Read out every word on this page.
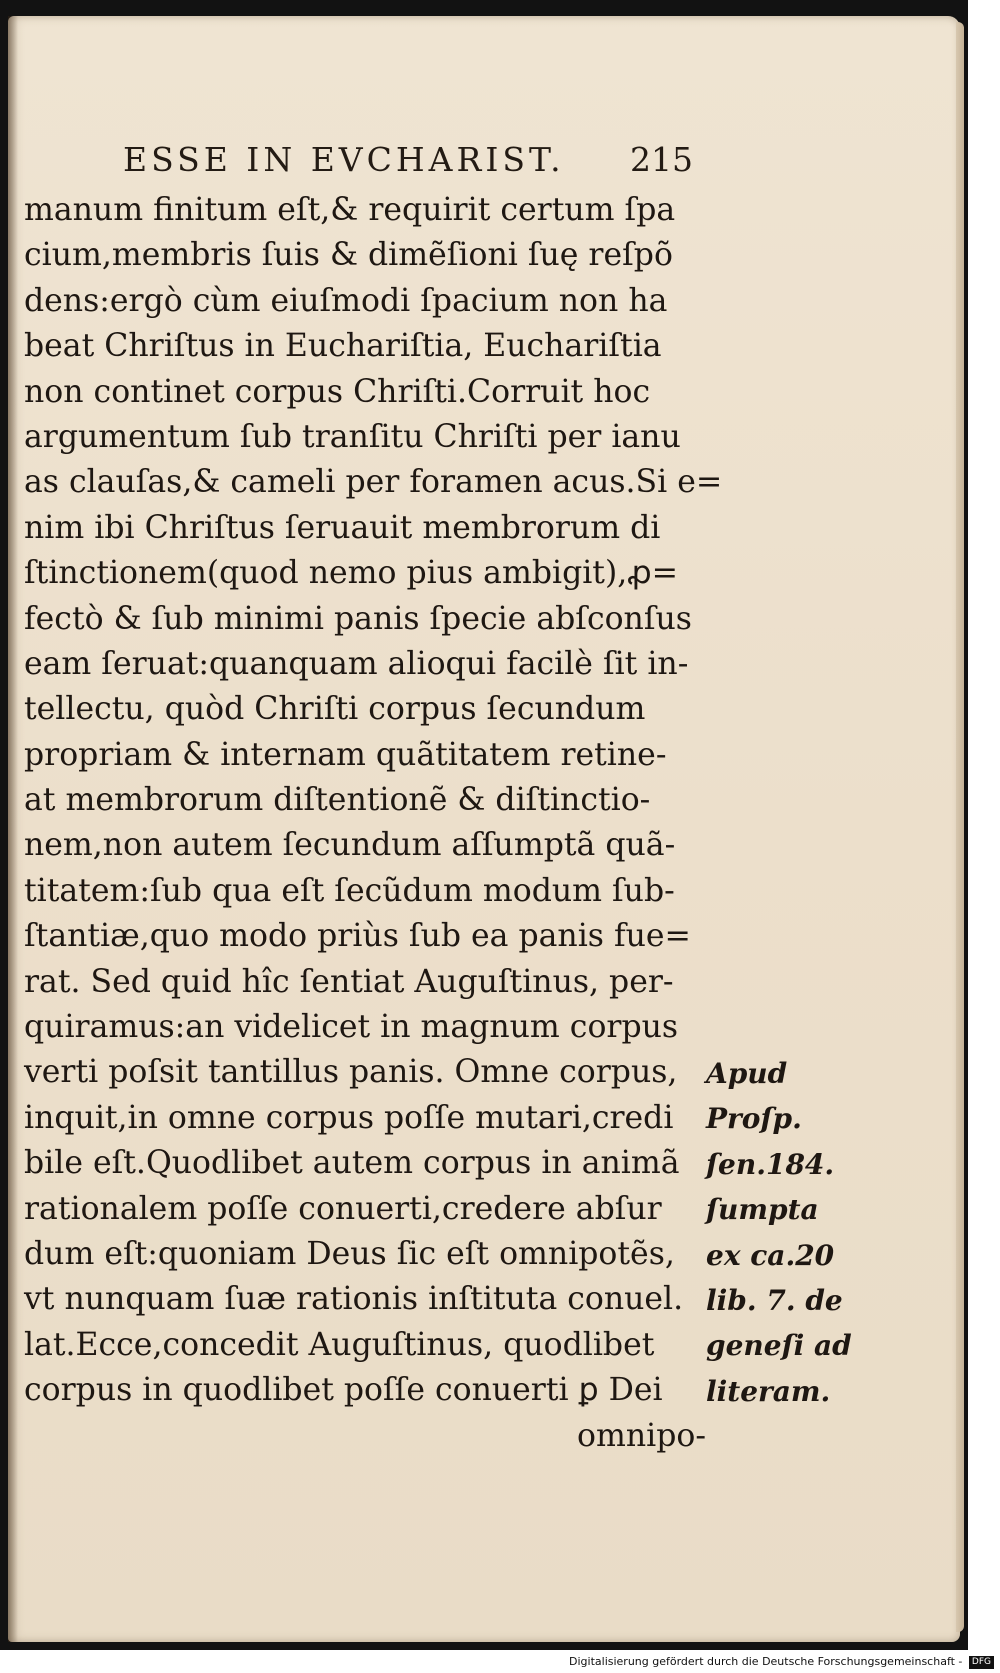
ESSE IN EVCHARIST. 215
manum finitum eſt,& requirit certum ſpa
cium,membris ſuis & dimẽſioni ſuę reſpõ
dens:ergò cùm eiuſmodi ſpacium non ha
beat Chriſtus in Euchariſtia, Euchariſtia
non continet corpus Chriſti.Corruit hoc
argumentum ſub tranſitu Chriſti per ianu
as clauſas,& cameli per foramen acus.Si e=
nim ibi Chriſtus ſeruauit membrorum di
ſtinctionem(quod nemo pius ambigit),ꝓ=
fectò & ſub minimi panis ſpecie abſconſus
eam ſeruat:quanquam alioqui facilè ſit in-
tellectu, quòd Chriſti corpus ſecundum
propriam & internam quãtitatem retine-
at membrorum diſtentionẽ & diſtinctio-
nem,non autem ſecundum aſſumptã quã-
titatem:ſub qua eſt ſecũdum modum ſub-
ſtantiæ,quo modo priùs ſub ea panis fue=
rat. Sed quid hîc ſentiat Auguſtinus, per-
quiramus:an videlicet in magnum corpus
verti poſsit tantillus panis. Omne corpus,
inquit,in omne corpus poſſe mutari,credi
bile eſt.Quodlibet autem corpus in animã
rationalem poſſe conuerti,credere abſur
dum eſt:quoniam Deus ſic eſt omnipotẽs,
vt nunquam ſuæ rationis inſtituta conuel.
lat.Ecce,concedit Auguſtinus, quodlibet
corpus in quodlibet poſſe conuerti ꝑ Dei
omnipo-
Apud
Proſp.
ſen.184.
ſumpta
ex ca.20
lib. 7. de
geneſi ad
literam.
Digitalisierung gefördert durch die Deutsche Forschungsgemeinschaft - DFG
